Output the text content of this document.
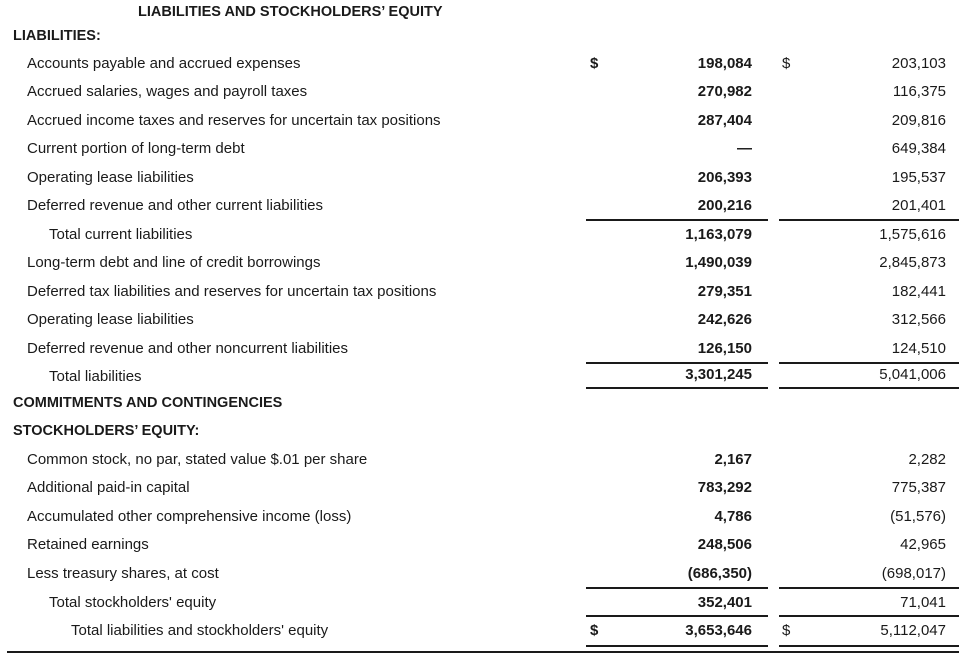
LIABILITIES AND STOCKHOLDERS’ EQUITY
LIABILITIES:
Accounts payable and accrued expenses	$	198,084 $	203,103
Accrued salaries, wages and payroll taxes	270,982	116,375
Accrued income taxes and reserves for uncertain tax positions	287,404	209,816
Current portion of long-term debt	—	649,384
Operating lease liabilities	206,393	195,537
Deferred revenue and other current liabilities	200,216	201,401
Total current liabilities	1,163,079	1,575,616
Long-term debt and line of credit borrowings	1,490,039	2,845,873
Deferred tax liabilities and reserves for uncertain tax positions	279,351	182,441
Operating lease liabilities	242,626	312,566
Deferred revenue and other noncurrent liabilities	126,150	124,510
Total liabilities	3,301,245	5,041,006
COMMITMENTS AND CONTINGENCIES
STOCKHOLDERS’ EQUITY:
Common stock, no par, stated value $.01 per share	2,167	2,282
Additional paid-in capital	783,292	775,387
Accumulated other comprehensive income (loss)	4,786	(51,576)
Retained earnings	248,506	42,965
Less treasury shares, at cost	(686,350)	(698,017)
Total stockholders' equity	352,401	71,041
Total liabilities and stockholders' equity	$	3,653,646 $	5,112,047
